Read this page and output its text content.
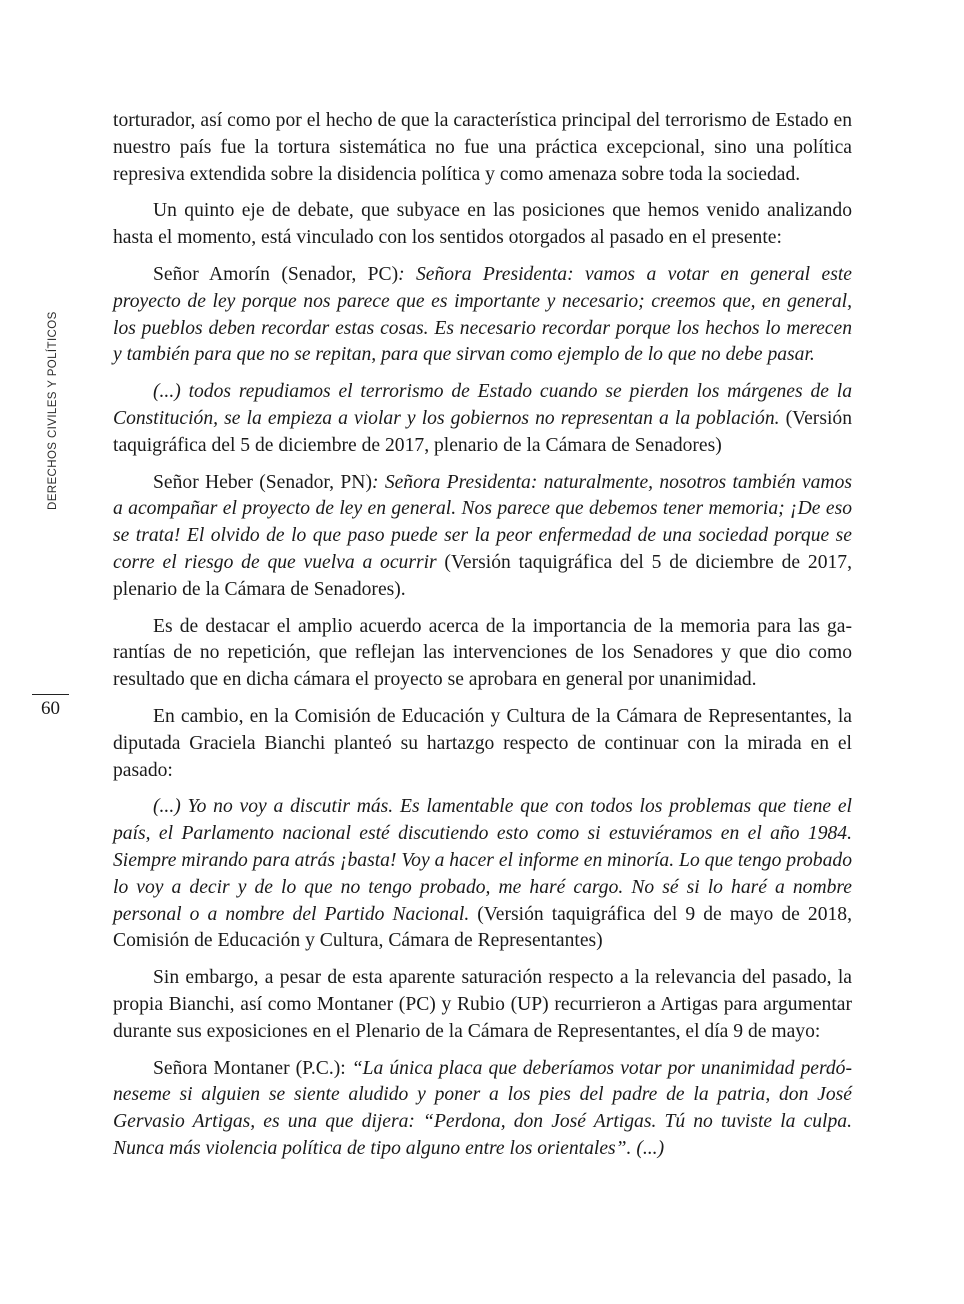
DERECHOS CIVILES Y POLÍTICOS
60

torturador, así como por el hecho de que la característica principal del terrorismo de Estado en nuestro país fue la tortura sistemática no fue una práctica excepcional, sino una política represiva extendida sobre la disidencia política y como amenaza sobre toda la sociedad.

Un quinto eje de debate, que subyace en las posiciones que hemos venido analizando hasta el momento, está vinculado con los sentidos otorgados al pasado en el presente:

Señor Amorín (Senador, PC): Señora Presidenta: vamos a votar en general este proyecto de ley porque nos parece que es importante y necesario; creemos que, en general, los pueblos deben recordar estas cosas. Es necesario recordar porque los hechos lo merecen y también para que no se repitan, para que sirvan como ejemplo de lo que no debe pasar.

(...) todos repudiamos el terrorismo de Estado cuando se pierden los márgenes de la Constitución, se la empieza a violar y los gobiernos no representan a la población. (Versión taquigráfica del 5 de diciembre de 2017, plenario de la Cámara de Senadores)

Señor Heber (Senador, PN): Señora Presidenta: naturalmente, nosotros también vamos a acompañar el proyecto de ley en general. Nos parece que debemos tener memoria; ¡De eso se trata! El olvido de lo que paso puede ser la peor enfermedad de una sociedad porque se corre el riesgo de que vuelva a ocurrir (Versión taquigráfica del 5 de diciembre de 2017, plenario de la Cámara de Senadores).

Es de destacar el amplio acuerdo acerca de la importancia de la memoria para las garantías de no repetición, que reflejan las intervenciones de los Senadores y que dio como resultado que en dicha cámara el proyecto se aprobara en general por unanimidad.

En cambio, en la Comisión de Educación y Cultura de la Cámara de Representantes, la diputada Graciela Bianchi planteó su hartazgo respecto de continuar con la mirada en el pasado:

(...) Yo no voy a discutir más. Es lamentable que con todos los problemas que tiene el país, el Parlamento nacional esté discutiendo esto como si estuviéramos en el año 1984. Siempre mirando para atrás ¡basta! Voy a hacer el informe en minoría. Lo que tengo probado lo voy a decir y de lo que no tengo probado, me haré cargo. No sé si lo haré a nombre personal o a nombre del Partido Nacional. (Versión taquigráfica del 9 de mayo de 2018, Comisión de Educación y Cultura, Cámara de Representantes)

Sin embargo, a pesar de esta aparente saturación respecto a la relevancia del pasado, la propia Bianchi, así como Montaner (PC) y Rubio (UP) recurrieron a Artigas para argumentar durante sus exposiciones en el Plenario de la Cámara de Representantes, el día 9 de mayo:

Señora Montaner (P.C.): “La única placa que deberíamos votar por unanimidad perdóneseme si alguien se siente aludido y poner a los pies del padre de la patria, don José Gervasio Artigas, es una que dijera: “Perdona, don José Artigas. Tú no tuviste la culpa. Nunca más violencia política de tipo alguno entre los orientales”. (...)
